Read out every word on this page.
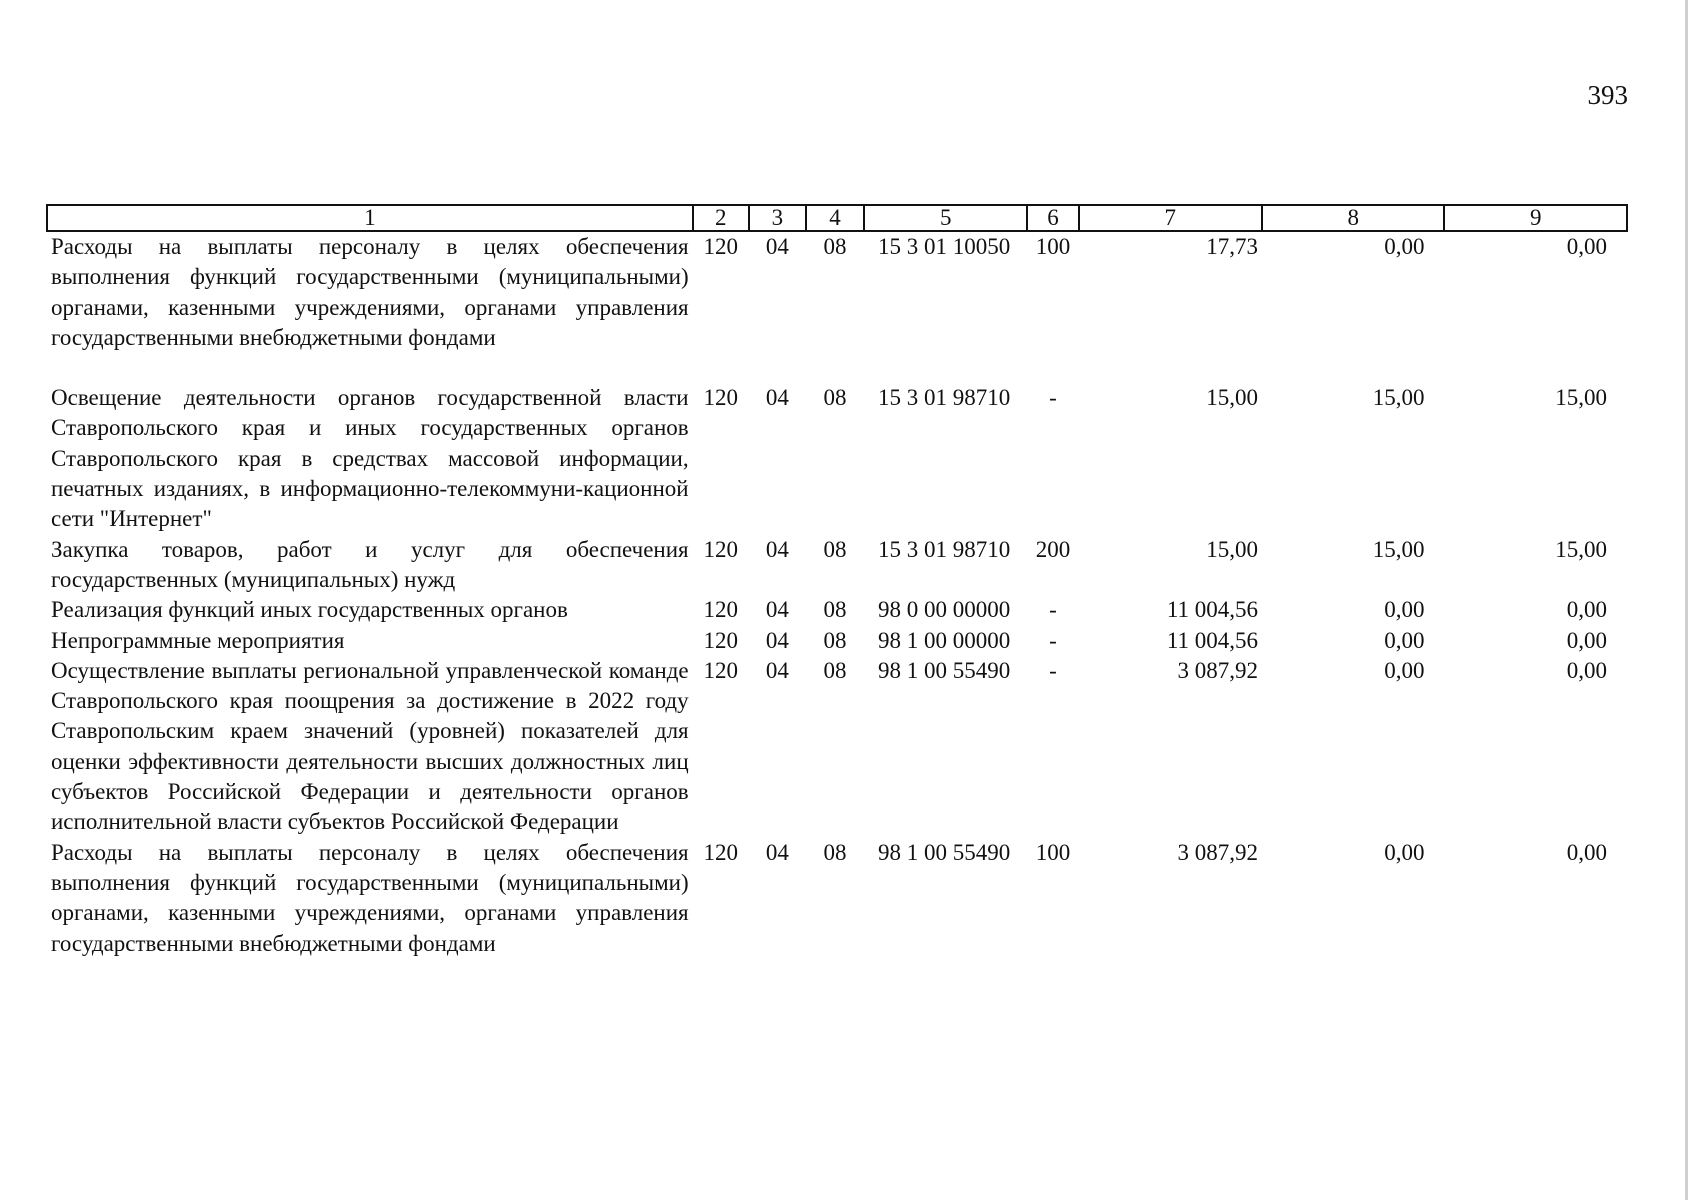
393
1	2	3	4	5	6	7	8	9
Расходы на выплаты персоналу в целях обеспечения выполнения функций государственными (муниципальными) органами, казенными учреждениями, органами управления государственными внебюджетными фондами	120	04	08	15 3 01 10050	100	17,73	0,00	0,00

Освещение деятельности органов государственной власти Ставропольского края и иных государственных органов Ставропольского края в средствах массовой информации, печатных изданиях, в информационно-телекоммуни-кационной сети "Интернет"	120	04	08	15 3 01 98710	-	15,00	15,00	15,00
Закупка товаров, работ и услуг для обеспечения государственных (муниципальных) нужд	120	04	08	15 3 01 98710	200	15,00	15,00	15,00
Реализация функций иных государственных органов	120	04	08	98 0 00 00000	-	11 004,56	0,00	0,00
Непрограммные мероприятия	120	04	08	98 1 00 00000	-	11 004,56	0,00	0,00
Осуществление выплаты региональной управленческой команде Ставропольского края поощрения за достижение в 2022 году Ставропольским краем значений (уровней) показателей для оценки эффективности деятельности высших должностных лиц субъектов Российской Федерации и деятельности органов исполнительной власти субъектов Российской Федерации	120	04	08	98 1 00 55490	-	3 087,92	0,00	0,00
Расходы на выплаты персоналу в целях обеспечения выполнения функций государственными (муниципальными) органами, казенными учреждениями, органами управления государственными внебюджетными фондами	120	04	08	98 1 00 55490	100	3 087,92	0,00	0,00
